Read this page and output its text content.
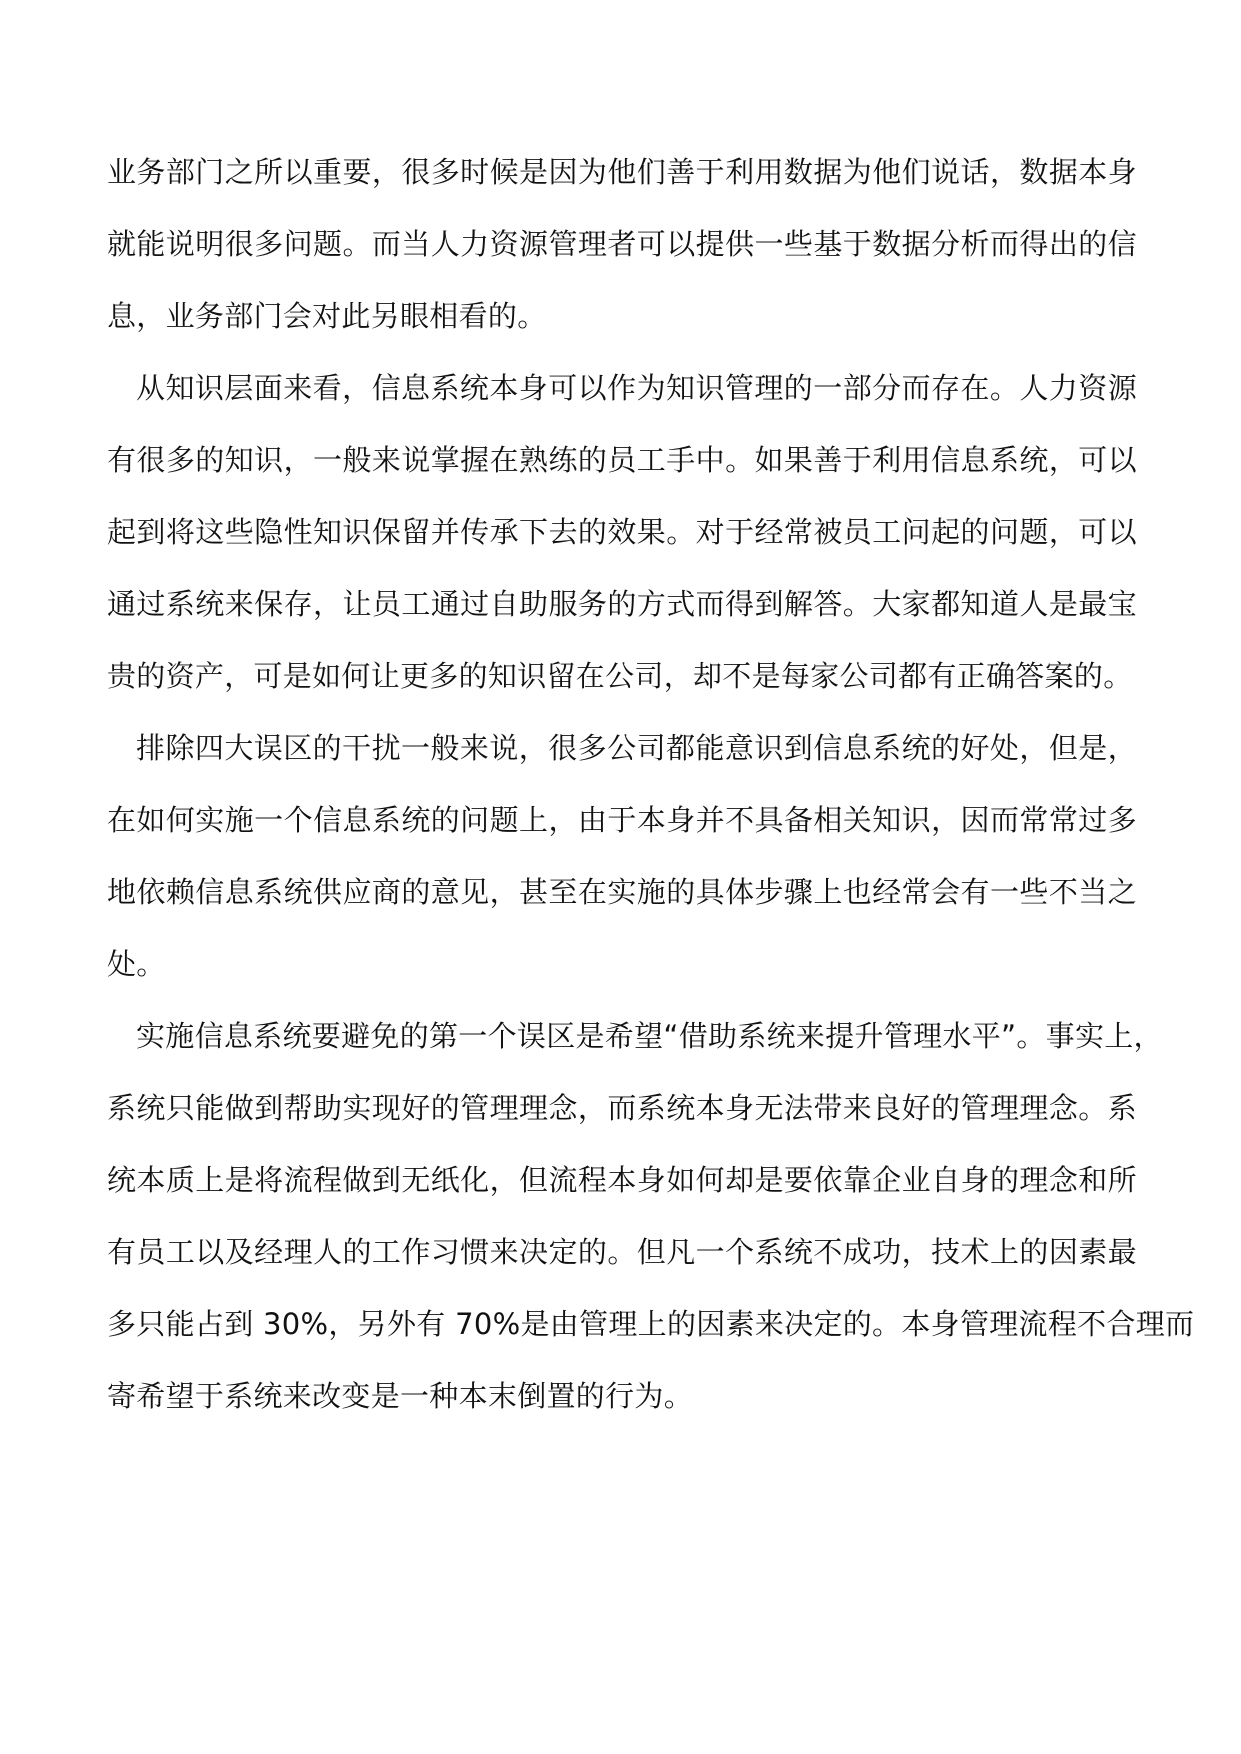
业务部门之所以重要，很多时候是因为他们善于利用数据为他们说话，数据本身

就能说明很多问题。而当人力资源管理者可以提供一些基于数据分析而得出的信

息，业务部门会对此另眼相看的。

从知识层面来看，信息系统本身可以作为知识管理的一部分而存在。人力资源

有很多的知识，一般来说掌握在熟练的员工手中。如果善于利用信息系统，可以

起到将这些隐性知识保留并传承下去的效果。对于经常被员工问起的问题，可以

通过系统来保存，让员工通过自助服务的方式而得到解答。大家都知道人是最宝

贵的资产，可是如何让更多的知识留在公司，却不是每家公司都有正确答案的。

排除四大误区的干扰一般来说，很多公司都能意识到信息系统的好处，但是，

在如何实施一个信息系统的问题上，由于本身并不具备相关知识，因而常常过多

地依赖信息系统供应商的意见，甚至在实施的具体步骤上也经常会有一些不当之

处。

实施信息系统要避免的第一个误区是希望“借助系统来提升管理水平”。事实上，

系统只能做到帮助实现好的管理理念，而系统本身无法带来良好的管理理念。系

统本质上是将流程做到无纸化，但流程本身如何却是要依靠企业自身的理念和所

有员工以及经理人的工作习惯来决定的。但凡一个系统不成功，技术上的因素最

多只能占到 30%，另外有 70%是由管理上的因素来决定的。本身管理流程不合理而

寄希望于系统来改变是一种本末倒置的行为。
